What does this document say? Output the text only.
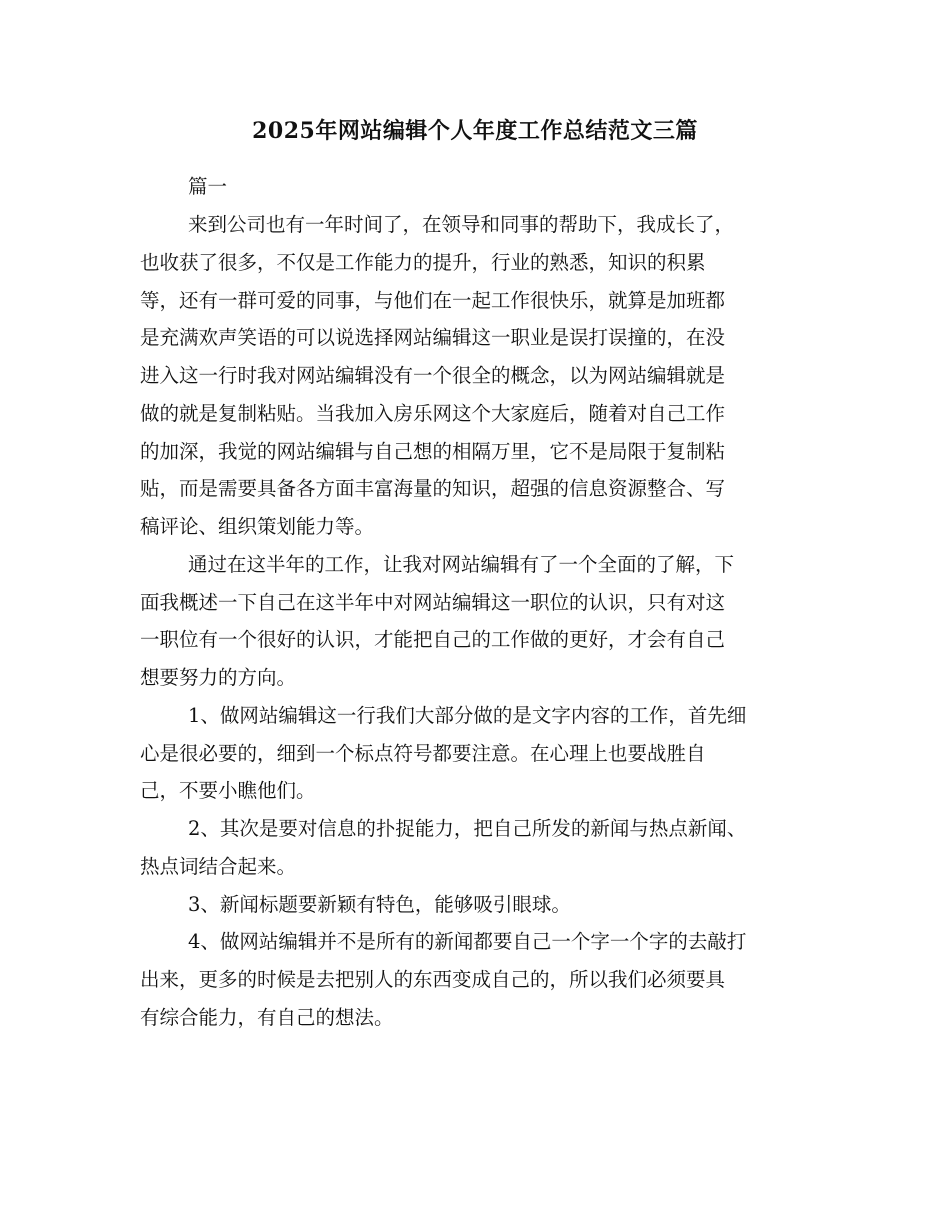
2025年网站编辑个人年度工作总结范文三篇
篇一
来到公司也有一年时间了，在领导和同事的帮助下，我成长了，
也收获了很多，不仅是工作能力的提升，行业的熟悉，知识的积累
等，还有一群可爱的同事，与他们在一起工作很快乐，就算是加班都
是充满欢声笑语的可以说选择网站编辑这一职业是误打误撞的，在没
进入这一行时我对网站编辑没有一个很全的概念，以为网站编辑就是
做的就是复制粘贴。当我加入房乐网这个大家庭后，随着对自己工作
的加深，我觉的网站编辑与自己想的相隔万里，它不是局限于复制粘
贴，而是需要具备各方面丰富海量的知识，超强的信息资源整合、写
稿评论、组织策划能力等。
通过在这半年的工作，让我对网站编辑有了一个全面的了解，下
面我概述一下自己在这半年中对网站编辑这一职位的认识，只有对这
一职位有一个很好的认识，才能把自己的工作做的更好，才会有自己
想要努力的方向。
1、做网站编辑这一行我们大部分做的是文字内容的工作，首先细
心是很必要的，细到一个标点符号都要注意。在心理上也要战胜自
己，不要小瞧他们。
2、其次是要对信息的扑捉能力，把自己所发的新闻与热点新闻、
热点词结合起来。
3、新闻标题要新颖有特色，能够吸引眼球。
4、做网站编辑并不是所有的新闻都要自己一个字一个字的去敲打
出来，更多的时候是去把别人的东西变成自己的，所以我们必须要具
有综合能力，有自己的想法。
